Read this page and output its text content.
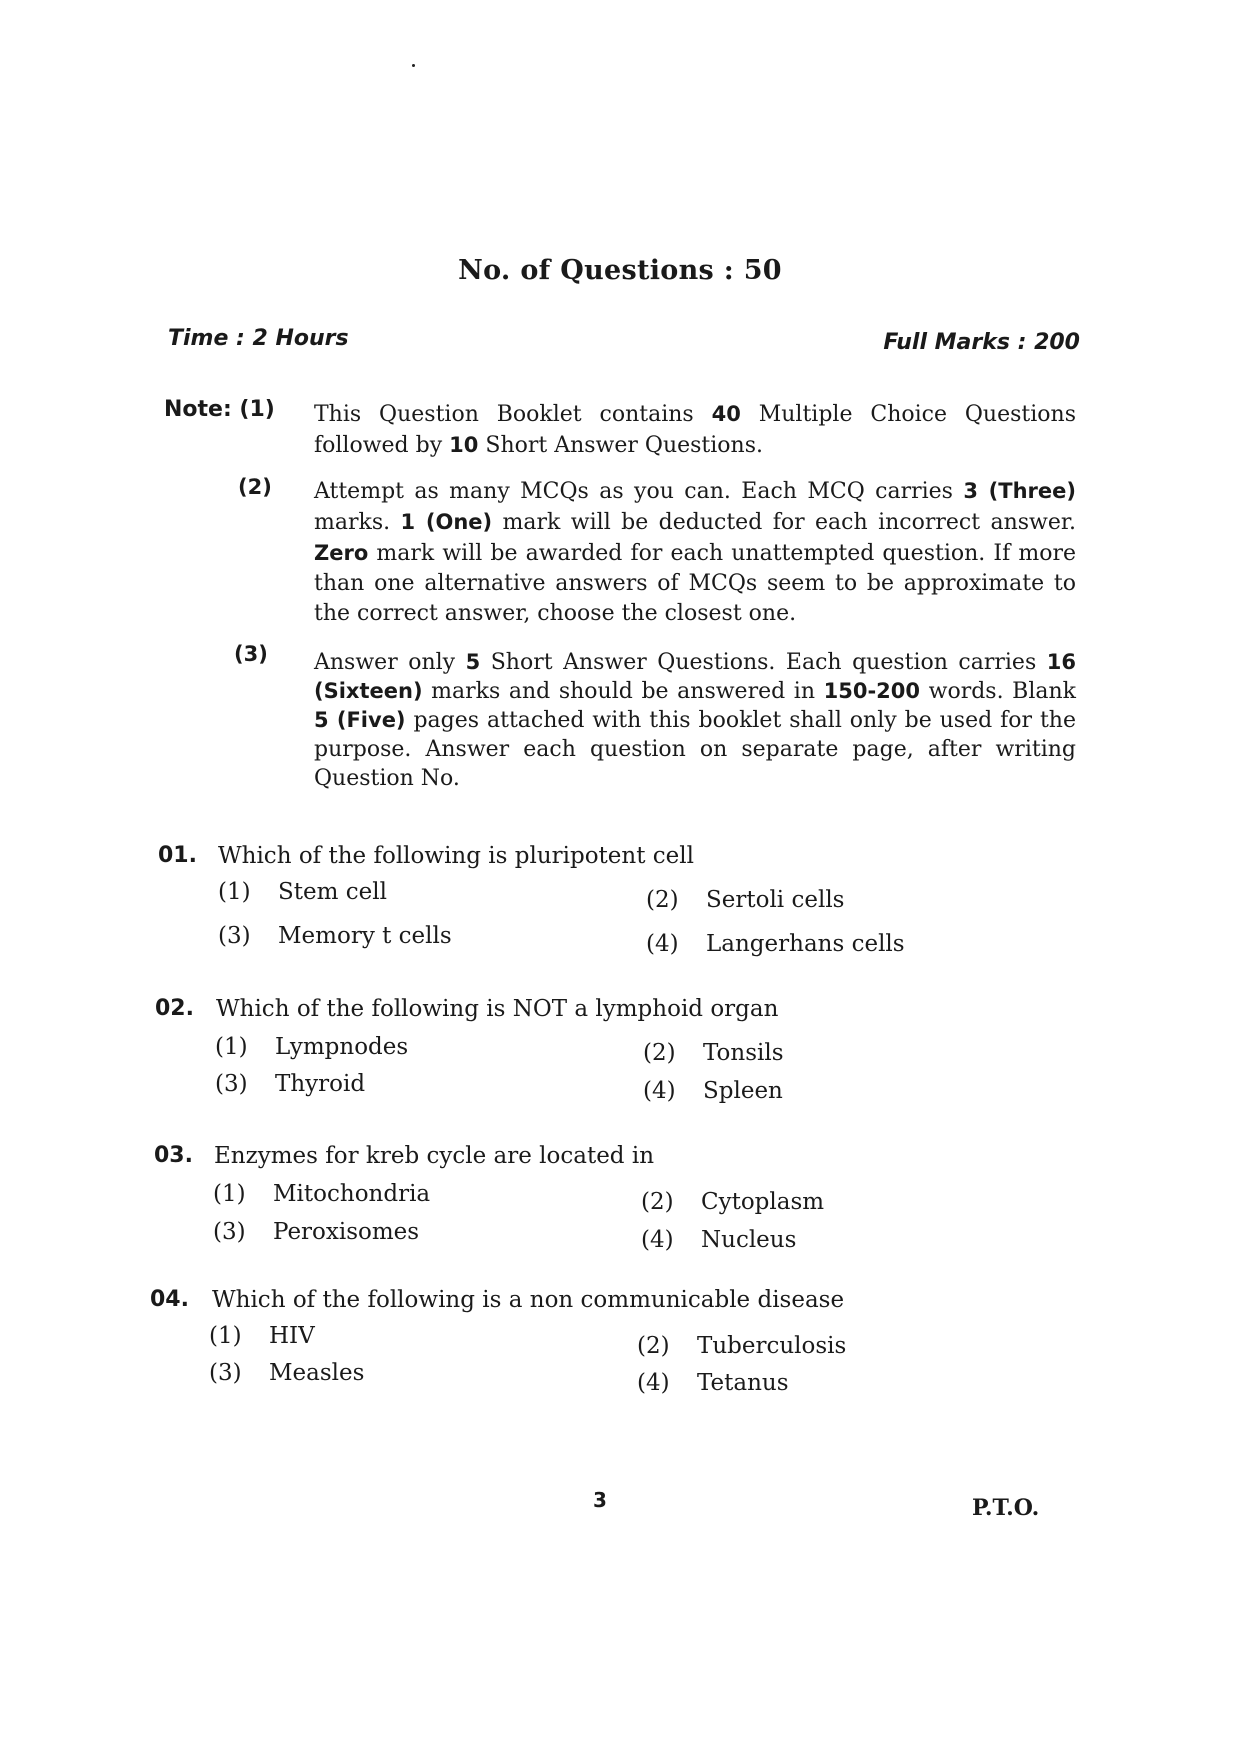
No. of Questions : 50
Time : 2 Hours	Full Marks : 200
Note: (1)
(2)
(3)
This Question Booklet contains 40 Multiple Choice Questions followed by 10 Short Answer Questions.
Attempt as many MCQs as you can. Each MCQ carries 3 (Three) marks. 1 (One) mark will be deducted for each incorrect answer. Zero mark will be awarded for each unattempted question. If more than one alternative answers of MCQs seem to be approximate to the correct answer, choose the closest one.
Answer only 5 Short Answer Questions. Each question carries 16 (Sixteen) marks and should be answered in 150-200 words. Blank 5 (Five) pages attached with this booklet shall only be used for the purpose. Answer each question on separate page, after writing Question No.
01. Which of the following is pluripotent cell
(1) Stem cell	(2) Sertoli cells
(3) Memory t cells	(4) Langerhans cells
02. Which of the following is NOT a lymphoid organ
(1) Lympnodes	(2) Tonsils
(3) Thyroid	(4) Spleen
03. Enzymes for kreb cycle are located in
(1) Mitochondria	(2) Cytoplasm
(3) Peroxisomes	(4) Nucleus
04. Which of the following is a non communicable disease
(1) HIV	(2) Tuberculosis
(3) Measles	(4) Tetanus
3	P.T.O.
